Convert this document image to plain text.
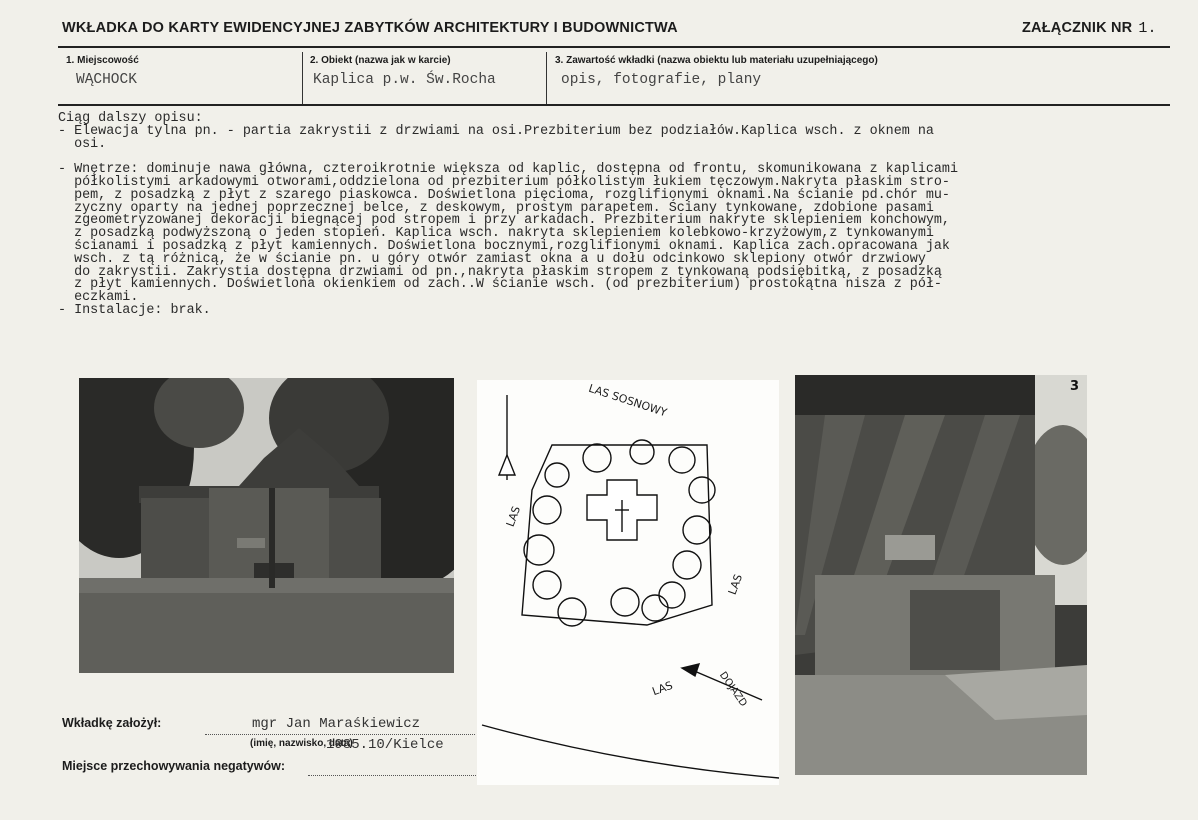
WKŁADKA DO KARTY EWIDENCYJNEJ ZABYTKÓW ARCHITEKTURY I BUDOWNICTWA	ZAŁĄCZNIK NR 1.
1. Miejscowość
WĄCHOCK
2. Obiekt (nazwa jak w karcie)
Kaplica p.w. Św.Rocha
3. Zawartość wkładki (nazwa obiektu lub materiału uzupełniającego)
opis, fotografie, plany
Ciąg dalszy opisu:
- Elewacja tylna pn. - partia zakrystii z drzwiami na osi.Prezbiterium bez podziałów.Kaplica wsch. z oknem na
osi.

- Wnętrze: dominuje nawa główna, czteroikrotnie większa od kaplic, dostępna od frontu, skomunikowana z kaplicami
półkolistymi arkadowymi otworami,oddzielona od prezbiterium półkolistym łukiem tęczowym.Nakryta płaskim stro-
pem, z posadzką z płyt z szarego piaskowca. Doświetlona pięcioma, rozglifionymi oknami.Na ścianie pd.chór mu-
zyczny oparty na jednej poprzecznej belce, z deskowym, prostym parapetem. Ściany tynkowane, zdobione pasami
zgeometryzowanej dekoracji biegnącej pod stropem i przy arkadach. Prezbiterium nakryte sklepieniem konchowym,
z posadzką podwyższoną o jeden stopień. Kaplica wsch. nakryta sklepieniem kolebkowo-krzyżowym,z tynkowanymi
ścianami i posadzką z płyt kamiennych. Doświetlona bocznymi,rozglifionymi oknami. Kaplica zach.opracowana jak
wsch. z tą różnicą, że w ścianie pn. u góry otwór zamiast okna a u dołu odcinkowo sklepiony otwór drzwiowy
do zakrystii. Zakrystia dostępna drzwiami od pn.,nakryta płaskim stropem z tynkowaną podsiębitką, z posadzką
z płyt kamiennych. Doświetlona okienkiem od zach..W ścianie wsch. (od prezbiterium) prostokątna nisza z pół-
eczkami.
- Instalacje: brak.
LAS SOSNOWY
LAS
LAS
LAS	DOJAZD
3
Wkładkę założył:	mgr Jan Maraśkiewicz
(imię, nazwisko, data)
1985.10/Kielce
Miejsce przechowywania negatywów:
